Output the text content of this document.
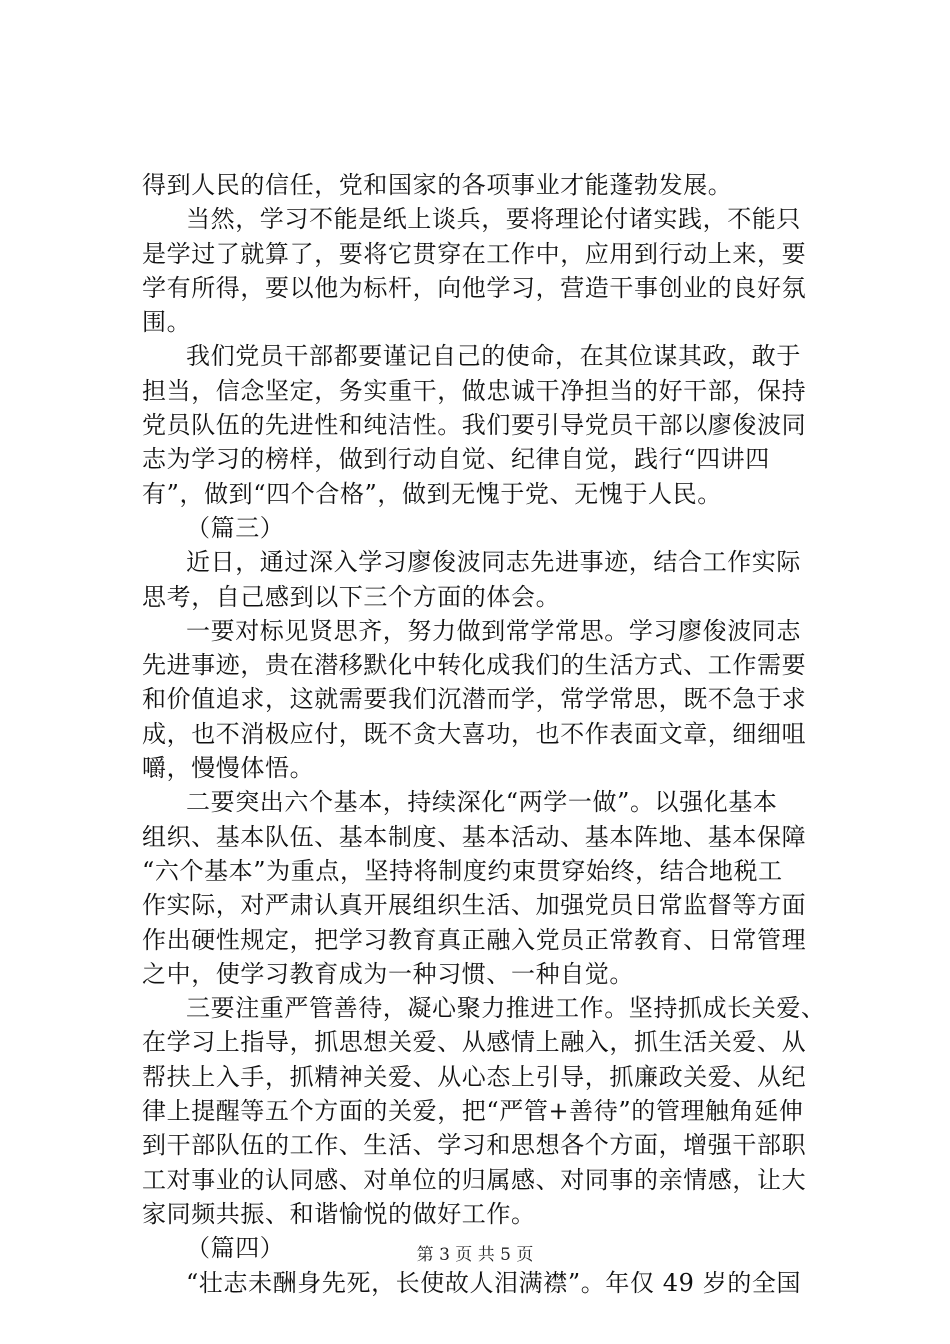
得到人民的信任，党和国家的各项事业才能蓬勃发展。
当然，学习不能是纸上谈兵，要将理论付诸实践，不能只
是学过了就算了，要将它贯穿在工作中，应用到行动上来，要
学有所得，要以他为标杆，向他学习，营造干事创业的良好氛
围。
我们党员干部都要谨记自己的使命，在其位谋其政，敢于
担当，信念坚定，务实重干，做忠诚干净担当的好干部，保持
党员队伍的先进性和纯洁性。我们要引导党员干部以廖俊波同
志为学习的榜样，做到行动自觉、纪律自觉，践行“四讲四
有”，做到“四个合格”，做到无愧于党、无愧于人民。
（篇三）
近日，通过深入学习廖俊波同志先进事迹，结合工作实际
思考，自己感到以下三个方面的体会。
一要对标见贤思齐，努力做到常学常思。学习廖俊波同志
先进事迹，贵在潜移默化中转化成我们的生活方式、工作需要
和价值追求，这就需要我们沉潜而学，常学常思，既不急于求
成，也不消极应付，既不贪大喜功，也不作表面文章，细细咀
嚼，慢慢体悟。
二要突出六个基本，持续深化“两学一做”。以强化基本
组织、基本队伍、基本制度、基本活动、基本阵地、基本保障
“六个基本”为重点，坚持将制度约束贯穿始终，结合地税工
作实际，对严肃认真开展组织生活、加强党员日常监督等方面
作出硬性规定，把学习教育真正融入党员正常教育、日常管理
之中，使学习教育成为一种习惯、一种自觉。
三要注重严管善待，凝心聚力推进工作。坚持抓成长关爱、
在学习上指导，抓思想关爱、从感情上融入，抓生活关爱、从
帮扶上入手，抓精神关爱、从心态上引导，抓廉政关爱、从纪
律上提醒等五个方面的关爱，把“严管+善待”的管理触角延伸
到干部队伍的工作、生活、学习和思想各个方面，增强干部职
工对事业的认同感、对单位的归属感、对同事的亲情感，让大
家同频共振、和谐愉悦的做好工作。
（篇四）
“壮志未酬身先死，长使故人泪满襟”。年仅 49 岁的全国
第 3 页 共 5 页
